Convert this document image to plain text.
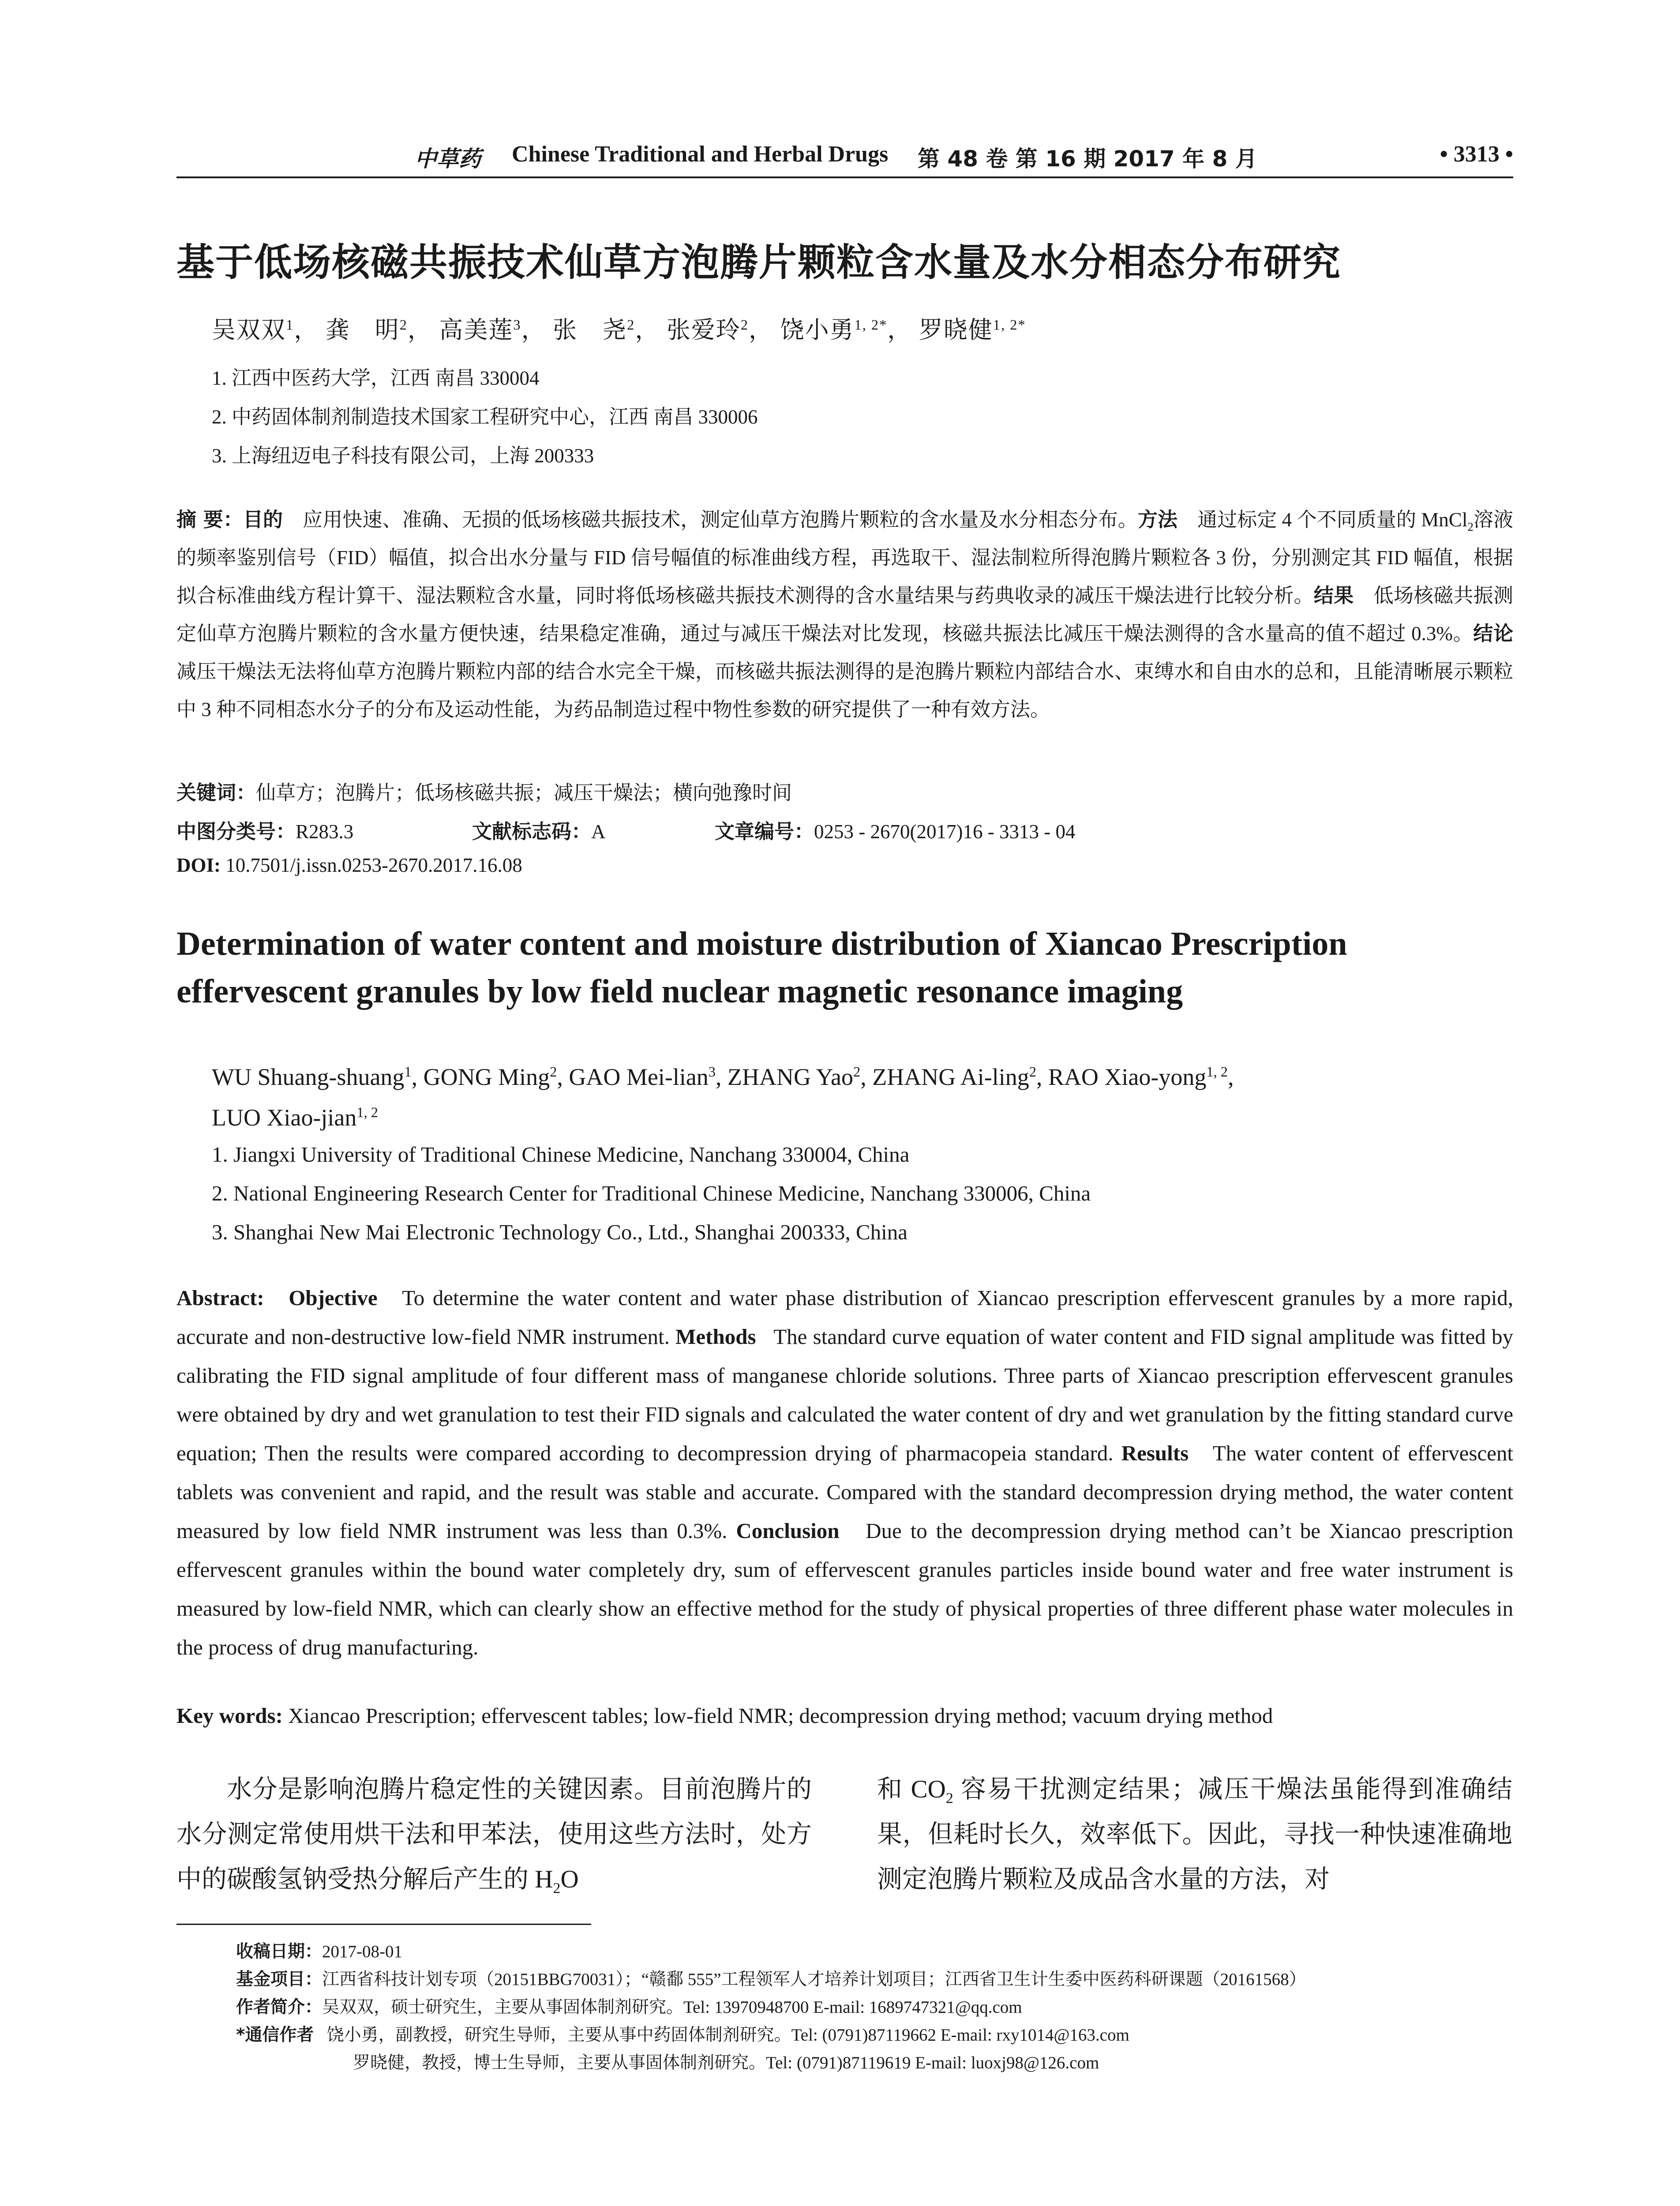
中草药 Chinese Traditional and Herbal Drugs 第 48 卷 第 16 期 2017 年 8 月	• 3313 •
基于低场核磁共振技术仙草方泡腾片颗粒含水量及水分相态分布研究
吴双双$^1$， 龚　明$^2$， 高美莲$^3$， 张　尧$^2$， 张爱玲$^2$， 饶小勇$^{1, 2*}$， 罗晓健$^{1, 2*}$
1. 江西中医药大学，江西 南昌 330004
2. 中药固体制剂制造技术国家工程研究中心，江西 南昌 330006
3. 上海纽迈电子科技有限公司，上海 200333
摘 要：目的　 应用快速、准确、无损的低场核磁共振技术，测定仙草方泡腾片颗粒的含水量及水分相态分布。方法　 通过标定 4 个不同质量的 MnCl$_2$溶液的频率鉴别信号（FID）幅值，拟合出水分量与 FID 信号幅值的标准曲线方程，再选取干、湿法制粒所得泡腾片颗粒各 3 份，分别测定其 FID 幅值，根据拟合标准曲线方程计算干、湿法颗粒含水量，同时将低场核磁共振技术测得的含水量结果与药典收录的减压干燥法进行比较分析。结果　 低场核磁共振测定仙草方泡腾片颗粒的含水量方便快速，结果稳定准确，通过与减压干燥法对比发现，核磁共振法比减压干燥法测得的含水量高的值不超过 0.3%。结论　减压干燥法无法将仙草方泡腾片颗粒内部的结合水完全干燥，而核磁共振法测得的是泡腾片颗粒内部结合水、束缚水和自由水的总和，且能清晰展示颗粒中 3 种不同相态水分子的分布及运动性能，为药品制造过程中物性参数的研究提供了一种有效方法。
关键词：仙草方；泡腾片；低场核磁共振；减压干燥法；横向弛豫时间
中图分类号：R283.3	文献标志码：A	文章编号：0253 - 2670(2017)16 - 3313 - 04
DOI: 10.7501/j.issn.0253-2670.2017.16.08
Determination of water content and moisture distribution of Xiancao Prescription effervescent granules by low field nuclear magnetic resonance imaging
WU Shuang-shuang$^1$, GONG Ming$^2$, GAO Mei-lian$^3$, ZHANG Yao$^2$, ZHANG Ai-ling$^2$, RAO Xiao-yong$^{1, 2}$,
LUO Xiao-jian$^{1, 2}$
1. Jiangxi University of Traditional Chinese Medicine, Nanchang 330004, China
2. National Engineering Research Center for Traditional Chinese Medicine, Nanchang 330006, China
3. Shanghai New Mai Electronic Technology Co., Ltd., Shanghai 200333, China
Abstract: Objective To determine the water content and water phase distribution of Xiancao prescription effervescent granules by a more rapid, accurate and non-destructive low-field NMR instrument. Methods The standard curve equation of water content and FID signal amplitude was fitted by calibrating the FID signal amplitude of four different mass of manganese chloride solutions. Three parts of Xiancao prescription effervescent granules were obtained by dry and wet granulation to test their FID signals and calculated the water content of dry and wet granulation by the fitting standard curve equation; Then the results were compared according to decompression drying of pharmacopeia standard. Results The water content of effervescent tablets was convenient and rapid, and the result was stable and accurate. Compared with the standard decompression drying method, the water content measured by low field NMR instrument was less than 0.3%. Conclusion Due to the decompression drying method can’t be Xiancao prescription effervescent granules within the bound water completely dry, sum of effervescent granules particles inside bound water and free water instrument is measured by low-field NMR, which can clearly show an effective method for the study of physical properties of three different phase water molecules in the process of drug manufacturing.
Key words: Xiancao Prescription; effervescent tables; low-field NMR; decompression drying method; vacuum drying method
水分是影响泡腾片稳定性的关键因素。目前泡腾片的水分测定常使用烘干法和甲苯法，使用这些方法时，处方中的碳酸氢钠受热分解后产生的 $H_2O$
和 $CO_2$ 容易干扰测定结果；减压干燥法虽能得到准确结果，但耗时长久，效率低下。因此，寻找一种快速准确地测定泡腾片颗粒及成品含水量的方法，对
收稿日期：2017-08-01
基金项目：江西省科技计划专项（20151BBG70031）；“赣鄱 555”工程领军人才培养计划项目；江西省卫生计生委中医药科研课题（20161568）
作者简介：吴双双，硕士研究生，主要从事固体制剂研究。Tel: 13970948700 E-mail: 1689747321@qq.com
*通信作者 饶小勇，副教授，研究生导师，主要从事中药固体制剂研究。Tel: (0791)87119662 E-mail: rxy1014@163.com
罗晓健，教授，博士生导师，主要从事固体制剂研究。Tel: (0791)87119619 E-mail: luoxj98@126.com
